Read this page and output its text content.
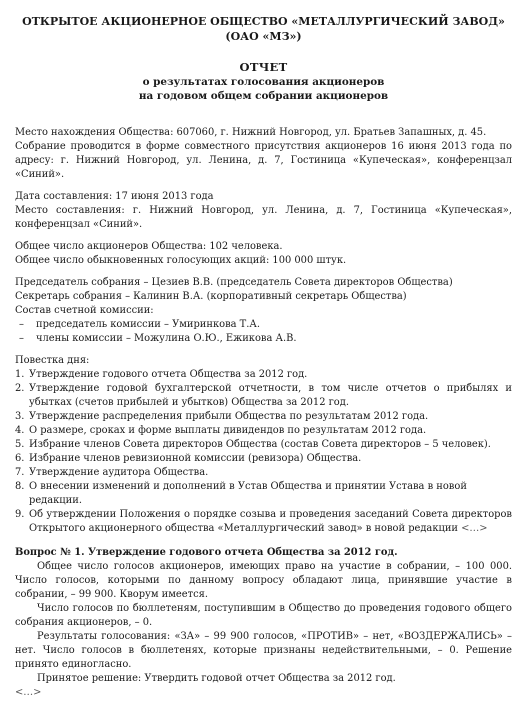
ОТКРЫТОЕ АКЦИОНЕРНОЕ ОБЩЕСТВО «МЕТАЛЛУРГИЧЕСКИЙ ЗАВОД»
(ОАО «МЗ»)
ОТЧЕТ
о результатах голосования акционеров
на годовом общем собрании акционеров

Место нахождения Общества: 607060, г. Нижний Новгород, ул. Братьев Запашных, д. 45.

Собрание проводится в форме совместного присутствия акционеров 16 июня 2013 года по адресу: г. Нижний Новгород, ул. Ленина, д. 7, Гостиница «Купеческая», конференцзал «Синий».

Дата составления: 17 июня 2013 года

Место составления: г. Нижний Новгород, ул. Ленина, д. 7, Гостиница «Купеческая», конференцзал «Синий».

Общее число акционеров Общества: 102 человека.

Общее число обыкновенных голосующих акций: 100 000 штук.

Председатель собрания – Цезиев В.В. (председатель Совета директоров Общества)

Секретарь собрания – Калинин В.А. (корпоративный секретарь Общества)

Состав счетной комиссии:

– председатель комиссии – Умиринкова Т.А.
– члены комиссии – Можулина О.Ю., Ежикова А.В.

Повестка дня:

1. Утверждение годового отчета Общества за 2012 год.
2. Утверждение годовой бухгалтерской отчетности, в том числе отчетов о прибылях и убытках (счетов прибылей и убытков) Общества за 2012 год.
3. Утверждение распределения прибыли Общества по результатам 2012 года.
4. О размере, сроках и форме выплаты дивидендов по результатам 2012 года.
5. Избрание членов Совета директоров Общества (состав Совета директоров – 5 человек).
6. Избрание членов ревизионной комиссии (ревизора) Общества.
7. Утверждение аудитора Общества.
8. О внесении изменений и дополнений в Устав Общества и принятии Устава в новой редакции.
9. Об утверждении Положения о порядке созыва и проведения заседаний Совета директоров Открытого акционерного общества «Металлургический завод» в новой редакции <…>

Вопрос № 1. Утверждение годового отчета Общества за 2012 год.

Общее число голосов акционеров, имеющих право на участие в собрании, – 100 000. Число голосов, которыми по данному вопросу обладают лица, принявшие участие в собрании, – 99 900. Кворум имеется.

Число голосов по бюллетеням, поступившим в Общество до проведения годового общего собрания акционеров, – 0.

Результаты голосования: «ЗА» – 99 900 голосов, «ПРОТИВ» – нет, «ВОЗДЕРЖАЛИСЬ» – нет. Число голосов в бюллетенях, которые признаны недействительными, – 0. Решение принято единогласно.

Принятое решение: Утвердить годовой отчет Общества за 2012 год.

<…>
